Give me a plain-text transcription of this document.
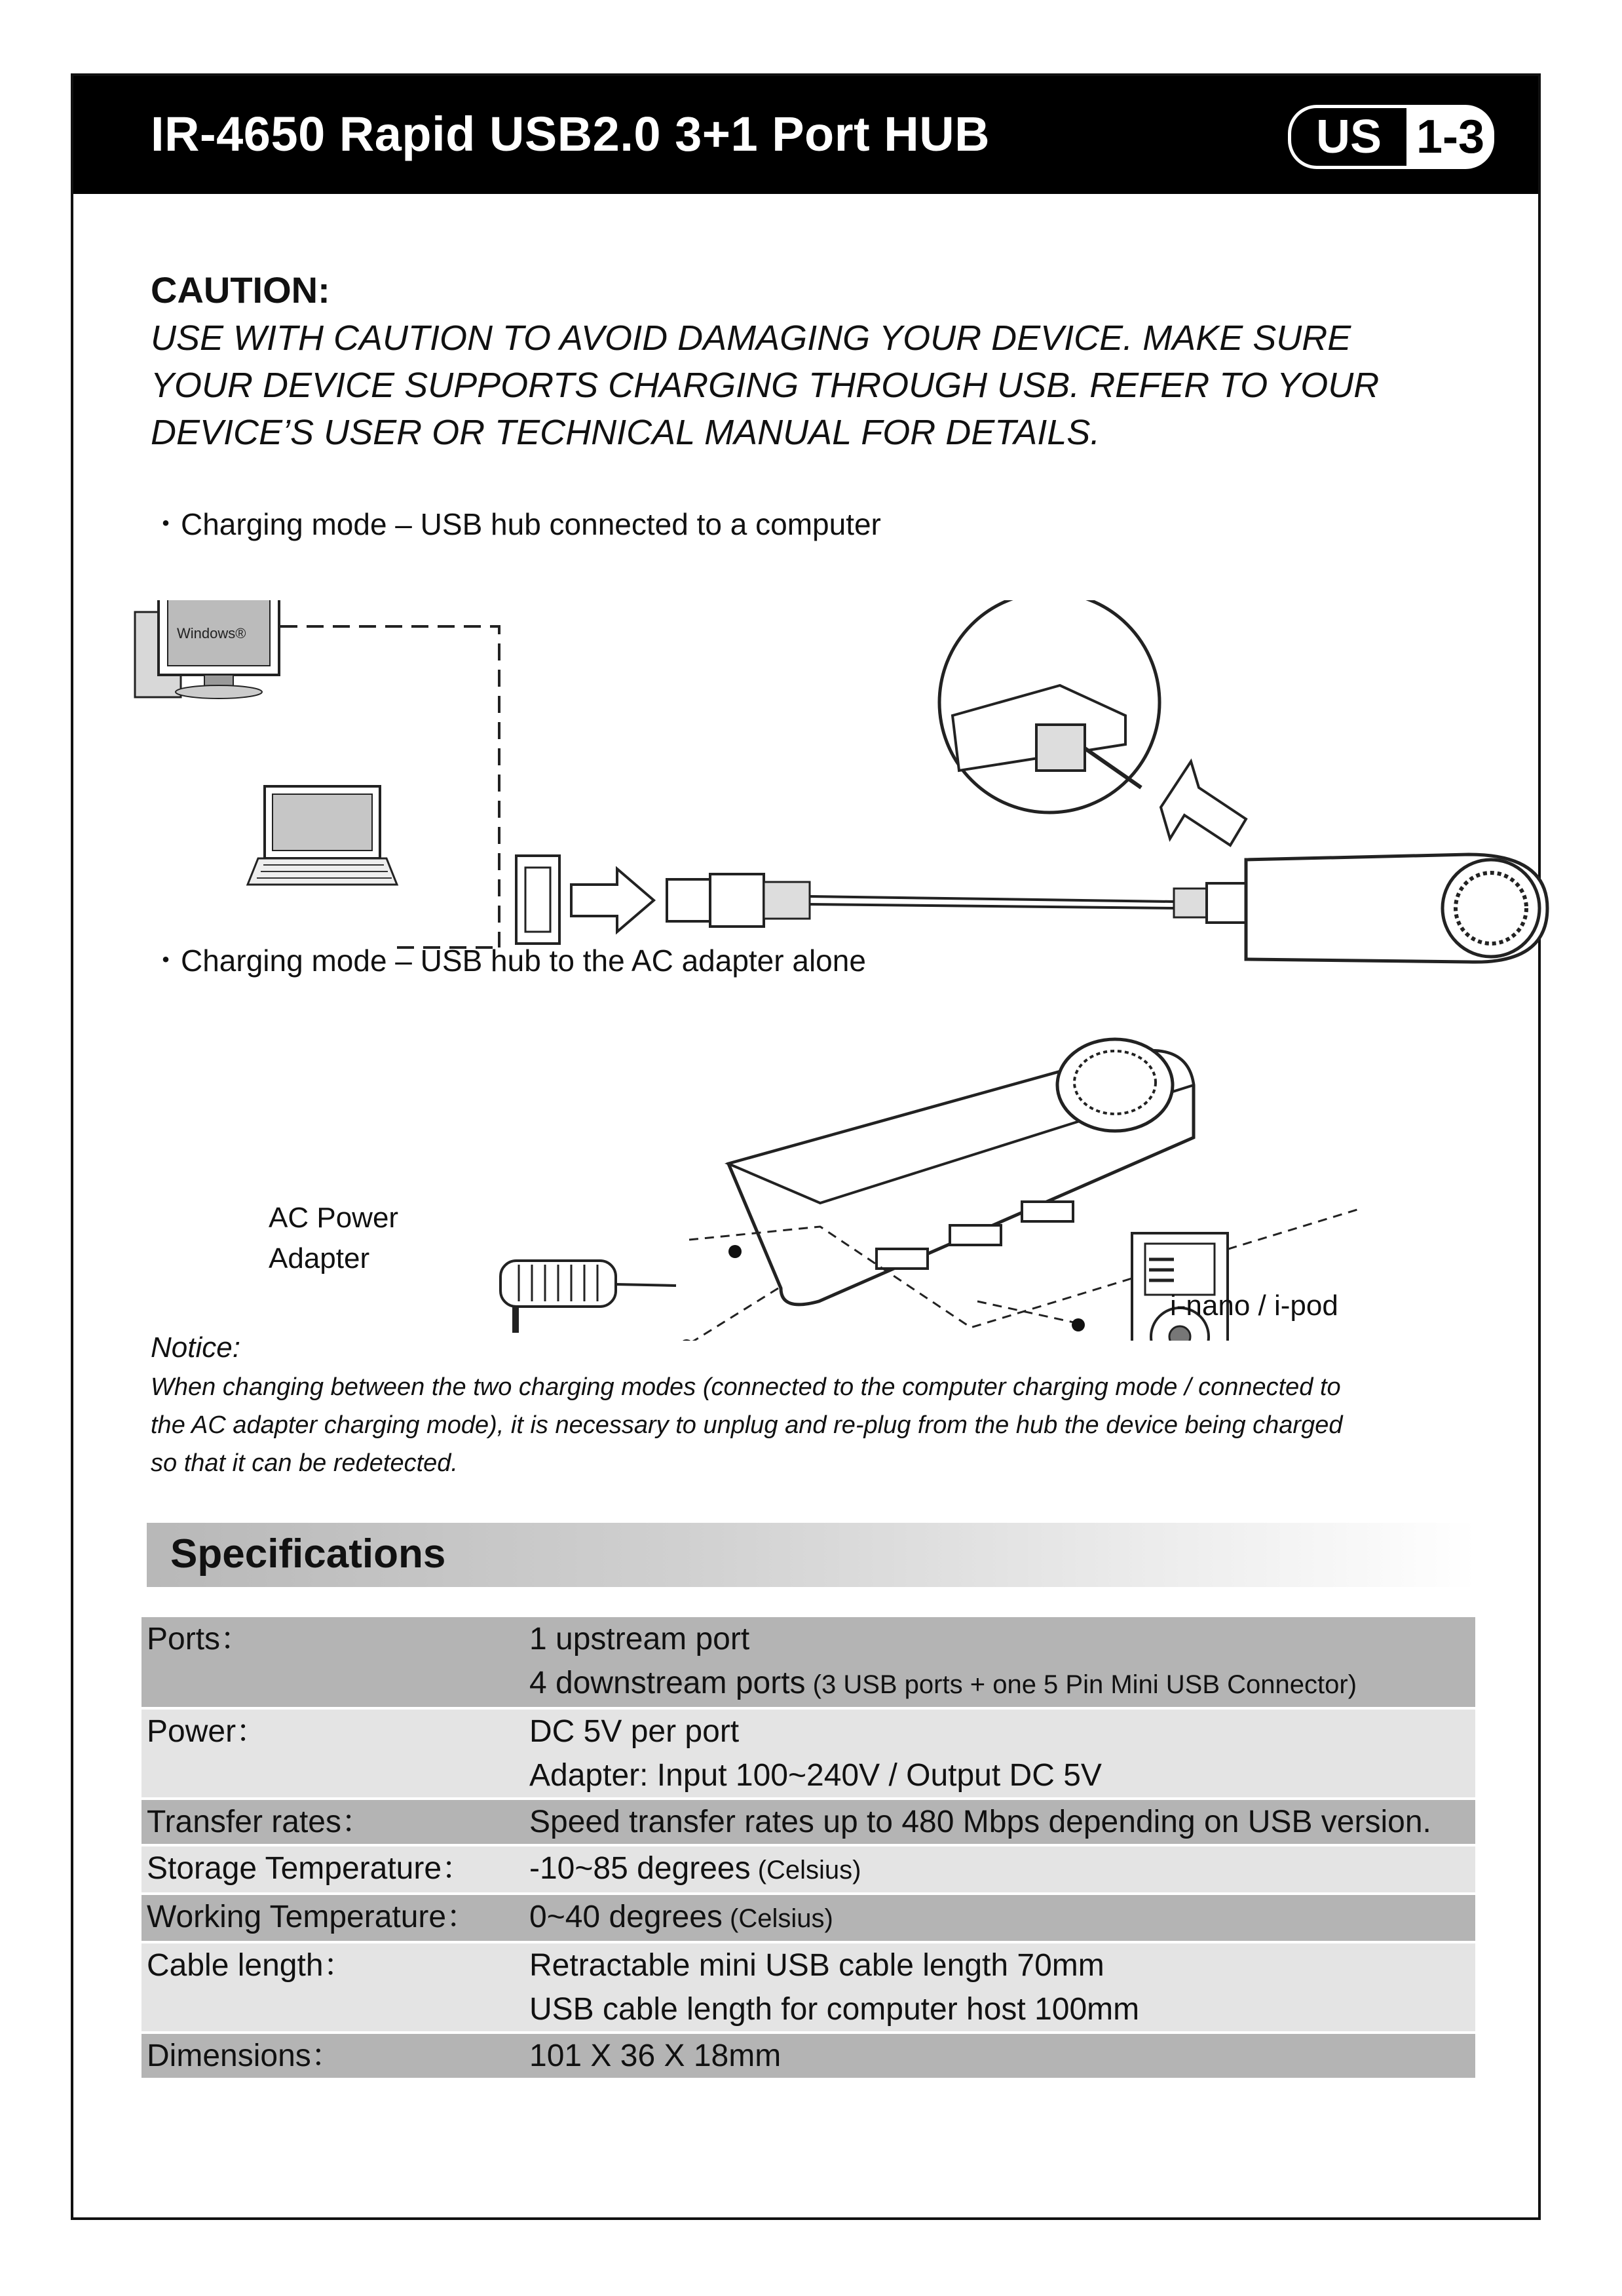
IR-4650 Rapid USB2.0 3+1 Port HUB	US 1-3
CAUTION:
USE WITH CAUTION TO AVOID DAMAGING YOUR DEVICE. MAKE SURE
YOUR DEVICE SUPPORTS CHARGING THROUGH USB. REFER TO YOUR
DEVICE’S USER OR TECHNICAL MANUAL FOR DETAILS.
・Charging mode – USB hub connected to a computer
Windows®
・Charging mode – USB hub to the AC adapter alone
AC Power
Adapter
i-nano / i-pod
Notice:
When changing between the two charging modes (connected to the computer charging mode / connected to
the AC adapter charging mode), it is necessary to unplug and re-plug from the hub the device being charged
so that it can be redetected.
Specifications
Ports：	1 upstream port
4 downstream ports (3 USB ports + one 5 Pin Mini USB Connector)

Power：	DC 5V per port
Adapter: Input 100~240V / Output DC 5V

Transfer rates：	Speed transfer rates up to 480 Mbps depending on USB version.
Storage Temperature：	-10~85 degrees (Celsius)
Working Temperature：	0~40 degrees (Celsius)
Cable length：	Retractable mini USB cable length 70mm
USB cable length for computer host 100mm

Dimensions：	101 X 36 X 18mm
